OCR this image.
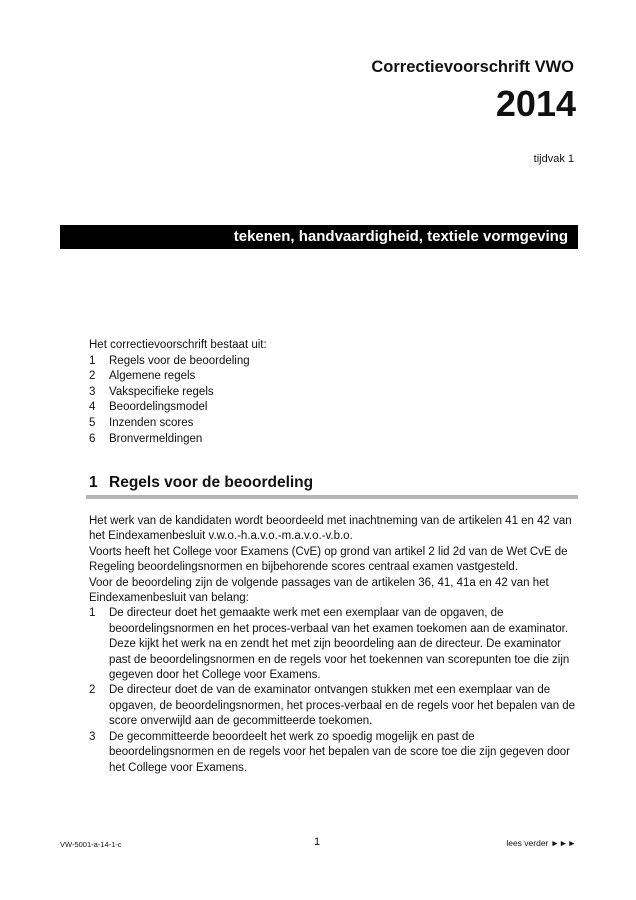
Correctievoorschrift VWO
2014
tijdvak 1
tekenen, handvaardigheid, textiele vormgeving

Het correctievoorschrift bestaat uit:

1	Regels voor de beoordeling
2	Algemene regels
3	Vakspecifieke regels
4	Beoordelingsmodel
5	Inzenden scores
6	Bronvermeldingen
1 Regels voor de beoordeling

Het werk van de kandidaten wordt beoordeeld met inachtneming van de artikelen 41 en 42 van het Eindexamenbesluit v.w.o.-h.a.v.o.-m.a.v.o.-v.b.o.

Voorts heeft het College voor Examens (CvE) op grond van artikel 2 lid 2d van de Wet CvE de Regeling beoordelingsnormen en bijbehorende scores centraal examen vastgesteld.

Voor de beoordeling zijn de volgende passages van de artikelen 36, 41, 41a en 42 van het Eindexamenbesluit van belang:

1	De directeur doet het gemaakte werk met een exemplaar van de opgaven, de beoordelingsnormen en het proces-verbaal van het examen toekomen aan de examinator. Deze kijkt het werk na en zendt het met zijn beoordeling aan de directeur. De examinator past de beoordelingsnormen en de regels voor het toekennen van scorepunten toe die zijn gegeven door het College voor Examens.
2	De directeur doet de van de examinator ontvangen stukken met een exemplaar van de opgaven, de beoordelingsnormen, het proces-verbaal en de regels voor het bepalen van de score onverwijld aan de gecommitteerde toekomen.
3	De gecommitteerde beoordeelt het werk zo spoedig mogelijk en past de beoordelingsnormen en de regels voor het bepalen van de score toe die zijn gegeven door het College voor Examens.
VW-5001-a-14-1-c	1	lees verder ►►►
